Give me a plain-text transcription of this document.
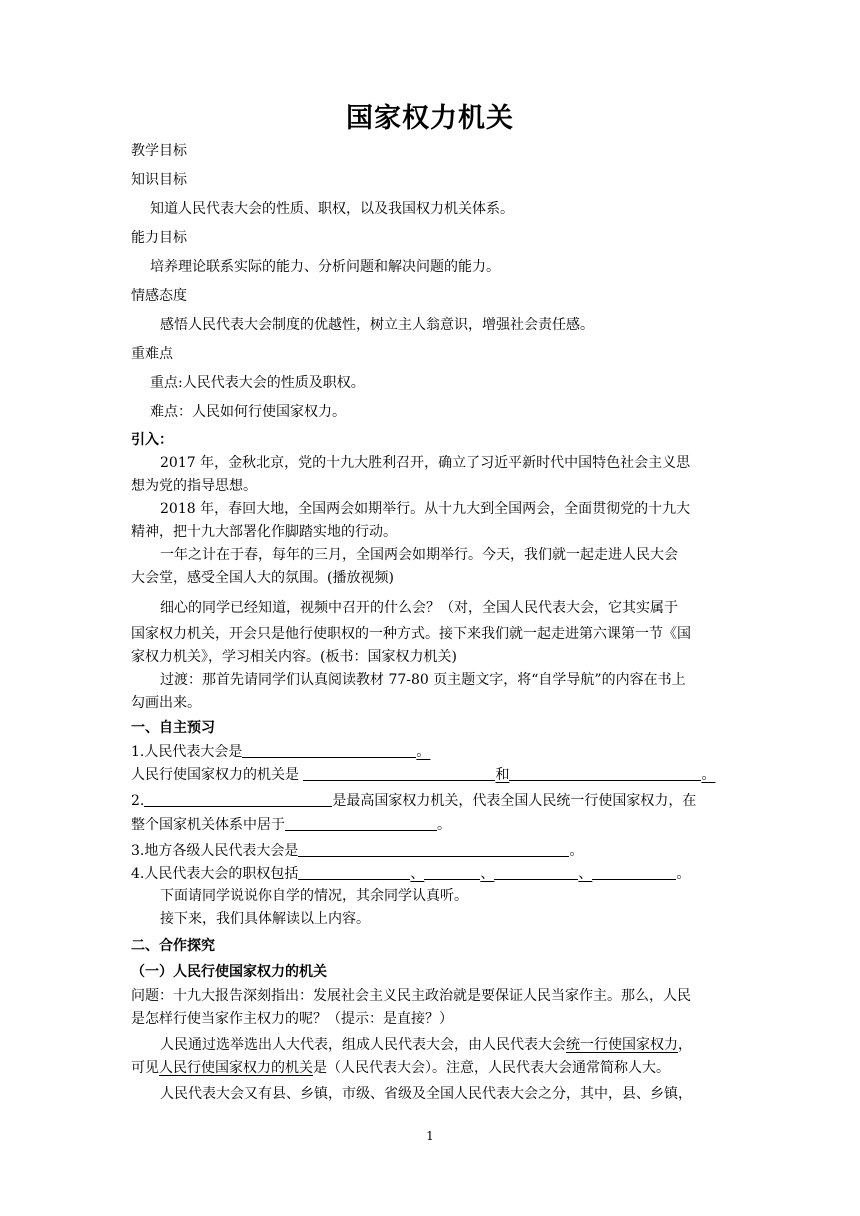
国家权力机关
教学目标
知识目标
知道人民代表大会的性质、职权，以及我国权力机关体系。
能力目标
培养理论联系实际的能力、分析问题和解决问题的能力。
情感态度
感悟人民代表大会制度的优越性，树立主人翁意识，增强社会责任感。
重难点
重点:人民代表大会的性质及职权。
难点：人民如何行使国家权力。
引入：
2017 年，金秋北京，党的十九大胜利召开，确立了习近平新时代中国特色社会主义思
想为党的指导思想。
2018 年，春回大地，全国两会如期举行。从十九大到全国两会，全面贯彻党的十九大
精神，把十九大部署化作脚踏实地的行动。
一年之计在于春，每年的三月，全国两会如期举行。今天，我们就一起走进人民大会
大会堂，感受全国人大的氛围。(播放视频)
细心的同学已经知道，视频中召开的什么会？（对，全国人民代表大会，它其实属于
国家权力机关，开会只是他行使职权的一种方式。接下来我们就一起走进第六课第一节《国
家权力机关》，学习相关内容。(板书：国家权力机关)
过渡：那首先请同学们认真阅读教材 77-80 页主题文字，将“自学导航”的内容在书上
勾画出来。
一、自主预习
1.人民代表大会是	。
人民行使国家权力的机关是	和	。
2.	是最高国家权力机关，代表全国人民统一行使国家权力，在
整个国家机关体系中居于	。
3.地方各级人民代表大会是	。
4.人民代表大会的职权包括	、	、	、	。
下面请同学说说你自学的情况，其余同学认真听。
接下来，我们具体解读以上内容。
二、合作探究
（一）人民行使国家权力的机关
问题：十九大报告深刻指出：发展社会主义民主政治就是要保证人民当家作主。那么，人民
是怎样行使当家作主权力的呢？（提示：是直接？）
人民通过选举选出人大代表，组成人民代表大会，由人民代表大会统一行使国家权力，
可见人民行使国家权力的机关是（人民代表大会）。注意，人民代表大会通常简称人大。
人民代表大会又有县、乡镇，市级、省级及全国人民代表大会之分，其中，县、乡镇，
1
